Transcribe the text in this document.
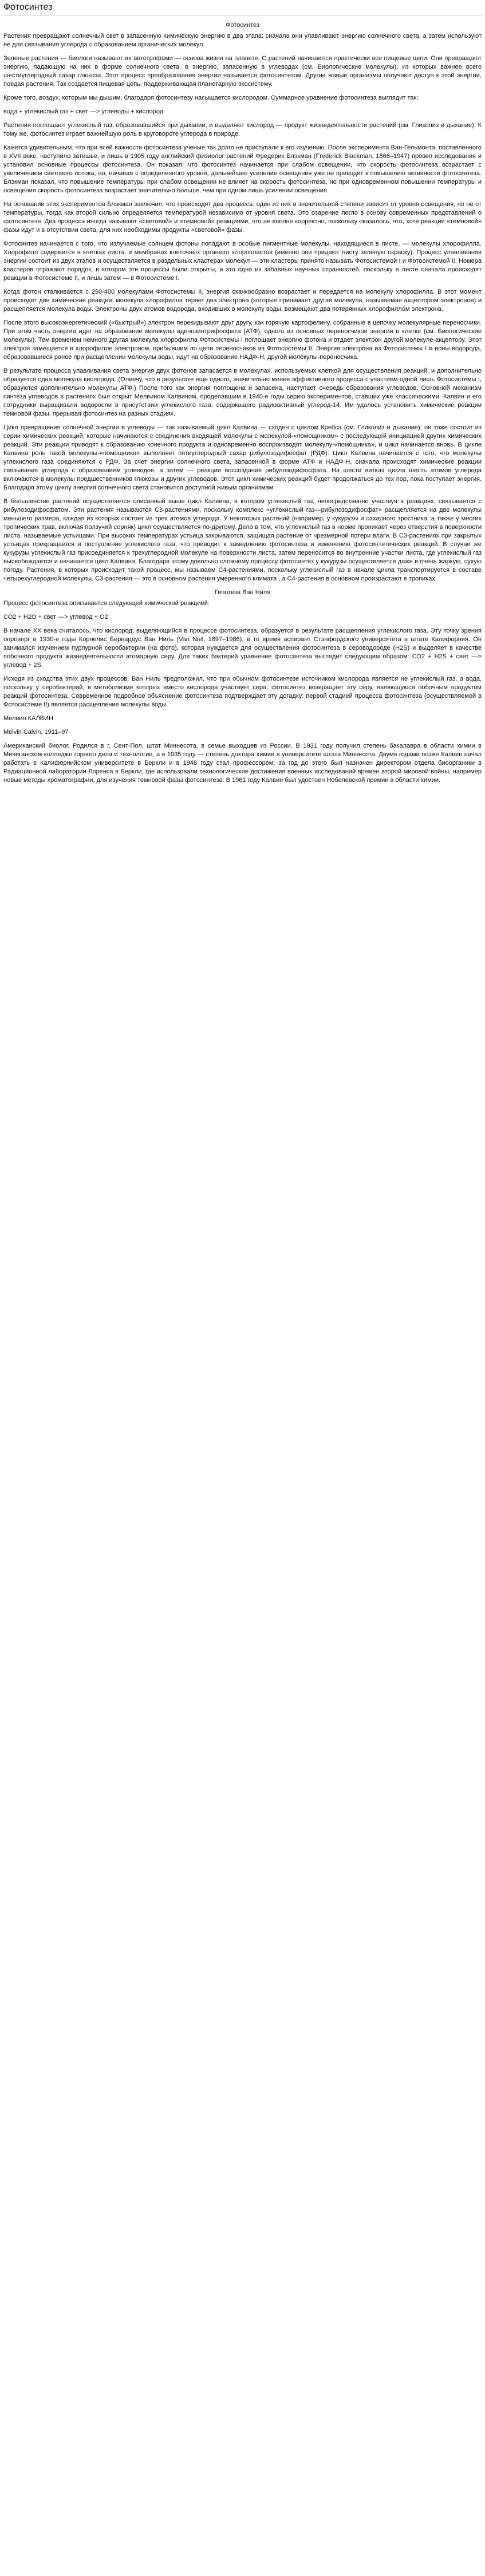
Фотосинтез
Фотосинтез

Растения превращают солнечный свет в запасенную химическую энергию в два этапа: сначала они улавливают энергию солнечного света, а затем используют ее для связывания углерода с образованием органических молекул.

Зеленые растения — биологи называют их автотрофами — основа жизни на планете. С растений начинаются практически все пищевые цепи. Они превращают энергию, падающую на них в форме солнечного света, в энергию, запасенную в углеводах (см. Биологические молекулы), из которых важнее всего шестиуглеродный сахар глюкоза. Этот процесс преобразования энергии называется фотосинтезом. Другие живые организмы получают доступ к этой энергии, поедая растения. Так создается пищевая цепь, поддерживающая планетарную экосистему.

Кроме того, воздух, которым мы дышим, благодаря фотосинтезу насыщается кислородом. Суммарное уравнение фотосинтеза выглядит так:

вода + углекислый газ + свет —> углеводы + кислород

Растения поглощают углекислый газ, образовавшийся при дыхании, и выделяют кислород — продукт жизнедеятельности растений (см. Гликолиз и дыхание). К тому же, фотосинтез играет важнейшую роль в круговороте углерода в природе.

Кажется удивительным, что при всей важности фотосинтеза ученые так долго не приступали к его изучению. После эксперимента Ван-Гельмонта, поставленного в XVII веке, наступило затишье, и лишь в 1905 году английский физиолог растений Фредерик Блэкман (Frederick Blackman, 1866–1947) провел исследования и установил основные процессы фотосинтеза. Он показал, что фотосинтез начинается при слабом освещении, что скорость фотосинтеза возрастает с увеличением светового потока, но, начиная с определенного уровня, дальнейшее усиление освещения уже не приводит к повышению активности фотосинтеза. Блэкман показал, что повышение температуры при слабом освещении не влияет на скорость фотосинтеза, но при одновременном повышении температуры и освещения скорость фотосинтеза возрастает значительно больше, чем при одном лишь усилении освещения.

На основании этих экспериментов Блэкман заключил, что происходят два процесса: один из них в значительной степени зависит от уровня освещения, но не от температуры, тогда как второй сильно определяется температурой независимо от уровня света. Это озарение легло в основу современных представлений о фотосинтезе. Два процесса иногда называют «световой» и «темновой» реакциями, что не вполне корректно, поскольку оказалось, что, хотя реакции «темновой» фазы идут и в отсутствии света, для них необходимы продукты «световой» фазы.

Фотосинтез начинается с того, что излучаемые солнцем фотоны попадают в особые пигментные молекулы, находящиеся в листе, — молекулы хлорофилла. Хлорофилл содержится в клетках листа, в мембранах клеточных органелл хлоропластов (именно они придают листу зеленую окраску). Процесс улавливания энергии состоит из двух этапов и осуществляется в раздельных кластерах молекул — эти кластеры принято называть Фотосистемой I и Фотосистемой II. Номера кластеров отражают порядок, в котором эти процессы были открыты, и это одна из забавных научных странностей, поскольку в листе сначала происходят реакции в Фотосистеме II, и лишь затем — в Фотосистеме I.

Когда фотон сталкивается с 250-400 молекулами Фотосистемы II, энергия скачкообразно возрастает и передается на молекулу хлорофилла. В этот момент происходят две химические реакции: молекула хлорофилла теряет два электрона (которые принимает другая молекула, называемая акцептором электронов) и расщепляется молекула воды. Электроны двух атомов водорода, входивших в молекулу воды, возмещают два потерянных хлорофиллом электрона.

После этого высокоэнергетический («быстрый») электрон перекидывают друг другу, как горячую картофелину, собранные в цепочку молекулярные переносчики. При этом часть энергии идет на образование молекулы аденозинтрифосфата (АТФ), одного из основных переносчиков энергии в клетке (см. Биологические молекулы). Тем временем немного другая молекула хлорофилла Фотосистемы I поглощает энергию фотона и отдает электрон другой молекуле-акцептору. Этот электрон замещается в хлорофилле электроном, прибывшим по цепи переносчиков из Фотосистемы II. Энергия электрона из Фотосистемы I и ионы водорода, образовавшиеся ранее при расщеплении молекулы воды, идут на образование НАДФ-Н, другой молекулы-переносчика.

В результате процесса улавливания света энергия двух фотонов запасается в молекулах, используемых клеткой для осуществления реакций, и дополнительно образуется одна молекула кислорода. (Отмечу, что в результате еще одного, значительно менее эффективного процесса с участием одной лишь Фотосистемы I, образуются дополнительно молекулы АТФ.) После того как энергия поглощена и запасена, наступает очередь образования углеводов. Основной механизм синтеза углеводов в растениях был открыт Мелвином Калвином, проделавшим в 1940-е годы серию экспериментов, ставших уже классическими. Калвин и его сотрудники выращивали водоросли в присутствии углекислого газа, содержащего радиоактивный углерод-14. Им удалось установить химические реакции темновой фазы, прерывая фотосинтез на разных стадиях.

Цикл превращения солнечной энергии в углеводы — так называемый цикл Калвина — сходен с циклом Кребса (см. Гликолиз и дыхание): он тоже состоит из серии химических реакций, которые начинаются с соединения входящей молекулы с молекулой-«помощником» с последующей инициацией других химических реакций. Эти реакции приводят к образованию конечного продукта и одновременно воспроизводят молекулу-«помощника», и цикл начинается вновь. В цикле Калвина роль такой молекулы-«помощника» выполняет пятиуглеродный сахар рибулозодифосфат (РДФ). Цикл Калвина начинается с того, что молекулы углекислого газа соединяются с РДФ. За счет энергии солнечного света, запасенной в форме АТФ и НАДФ-Н, сначала происходят химические реакции связывания углерода с образованием углеводов, а затем — реакции воссоздания рибулозодифосфата. На шести витках цикла шесть атомов углерода включаются в молекулы предшественников глюкозы и других углеводов. Этот цикл химических реакций будет продолжаться до тех пор, пока поступает энергия. Благодаря этому циклу энергия солнечного света становится доступной живым организмам.

В большинстве растений осуществляется описанный выше цикл Калвина, в котором углекислый газ, непосредственно участвуя в реакциях, связывается с рибулозодифосфатом. Эти растения называются С3-растениями, поскольку комплекс «углекислый газ—рибулозодифосфат» расщепляется на две молекулы меньшего размера, каждая из которых состоит из трех атомов углерода. У некоторых растений (например, у кукурузы и сахарного тростника, а также у многих тропических трав, включая ползучий сорняк) цикл осуществляется по-другому. Дело в том, что углекислый газ в норме проникает через отверстия в поверхности листа, называемые устьицами. При высоких температурах устьица закрываются, защищая растение от чрезмерной потери влаги. В С3-растениях при закрытых устьицах прекращается и поступление углекислого газа, что приводит к замедлению фотосинтеза и изменению фотосинтетических реакций. В случае же кукурузы углекислый газ присоединяется к трехуглеродной молекуле на поверхности листа, затем переносится во внутренние участки листа, где углекислый газ высвобождается и начинается цикл Калвина. Благодаря этому довольно сложному процессу фотосинтез у кукурузы осуществляется даже в очень жаркую, сухую погоду. Растения, в которых происходит такой процесс, мы называем С4-растениями, поскольку углекислый газ в начале цикла транспортируется в составе четырехуглеродной молекулы. С3-растения — это в основном растения умеренного климата , а С4-растения в основном произрастают в тропиках.

Гипотеза Ван Ниля

Процесс фотосинтеза описывается следующей химической реакцией:

СО2 + Н2О + свет —> углевод + О2

В начале XX века считалось, что кислород, выделяющийся в процессе фотосинтеза, образуется в результате расщепления углекислого газа. Эту точку зрения опроверг в 1930-е годы Корнелис Бернардус Ван Ниль (Van Niel, 1897–1986), в то время аспирант Стэнфордского университета в штате Калифорния. Он занимался изучением пурпурной серобактерии (на фото), которая нуждается для осуществления фотосинтеза в сероводороде (Н2S) и выделяет в качестве побочного продукта жизнедеятельности атомарную серу. Для таких бактерий уравнение фотосинтеза выглядит следующим образом: СО2 + Н2S + свет —> углевод + 2S.

Исходя из сходства этих двух процессов, Ван Ниль предположил, что при обычном фотосинтезе источником кислорода является не углекислый газ, а вода, поскольку у серобактерий, в метаболизме которых вместо кислорода участвует сера, фотосинтез возвращает эту серу, являющуюся побочным продуктом реакций фотосинтеза. Современное подробное объяснение фотосинтеза подтверждает эту догадку: первой стадией процесса фотосинтеза (осуществляемой в Фотосистеме II) является расщепление молекулы воды.

Мелвин КАЛВИН
Melvin Calvin, 1911–97

Американский биолог. Родился в г. Сент-Пол, штат Миннесота, в семье выходцев из России. В 1931 году получил степень бакалавра в области химии в Мичиганском колледже горного дела и технологии, а в 1935 году — степень доктора химии в университете штата Миннесота. Двумя годами позже Калвин начал работать в Калифорнийском университете в Беркли и в 1948 году стал профессором; за год до этого был назначен директором отдела биоорганики в Радиационной лаборатории Лоренса в Беркли, где использовали технологические достижения военных исследований времен второй мировой войны, например новые методы хроматографии, для изучения темновой фазы фотосинтеза. В 1961 году Калвин был удостоен Нобелевской премии в области химии.
